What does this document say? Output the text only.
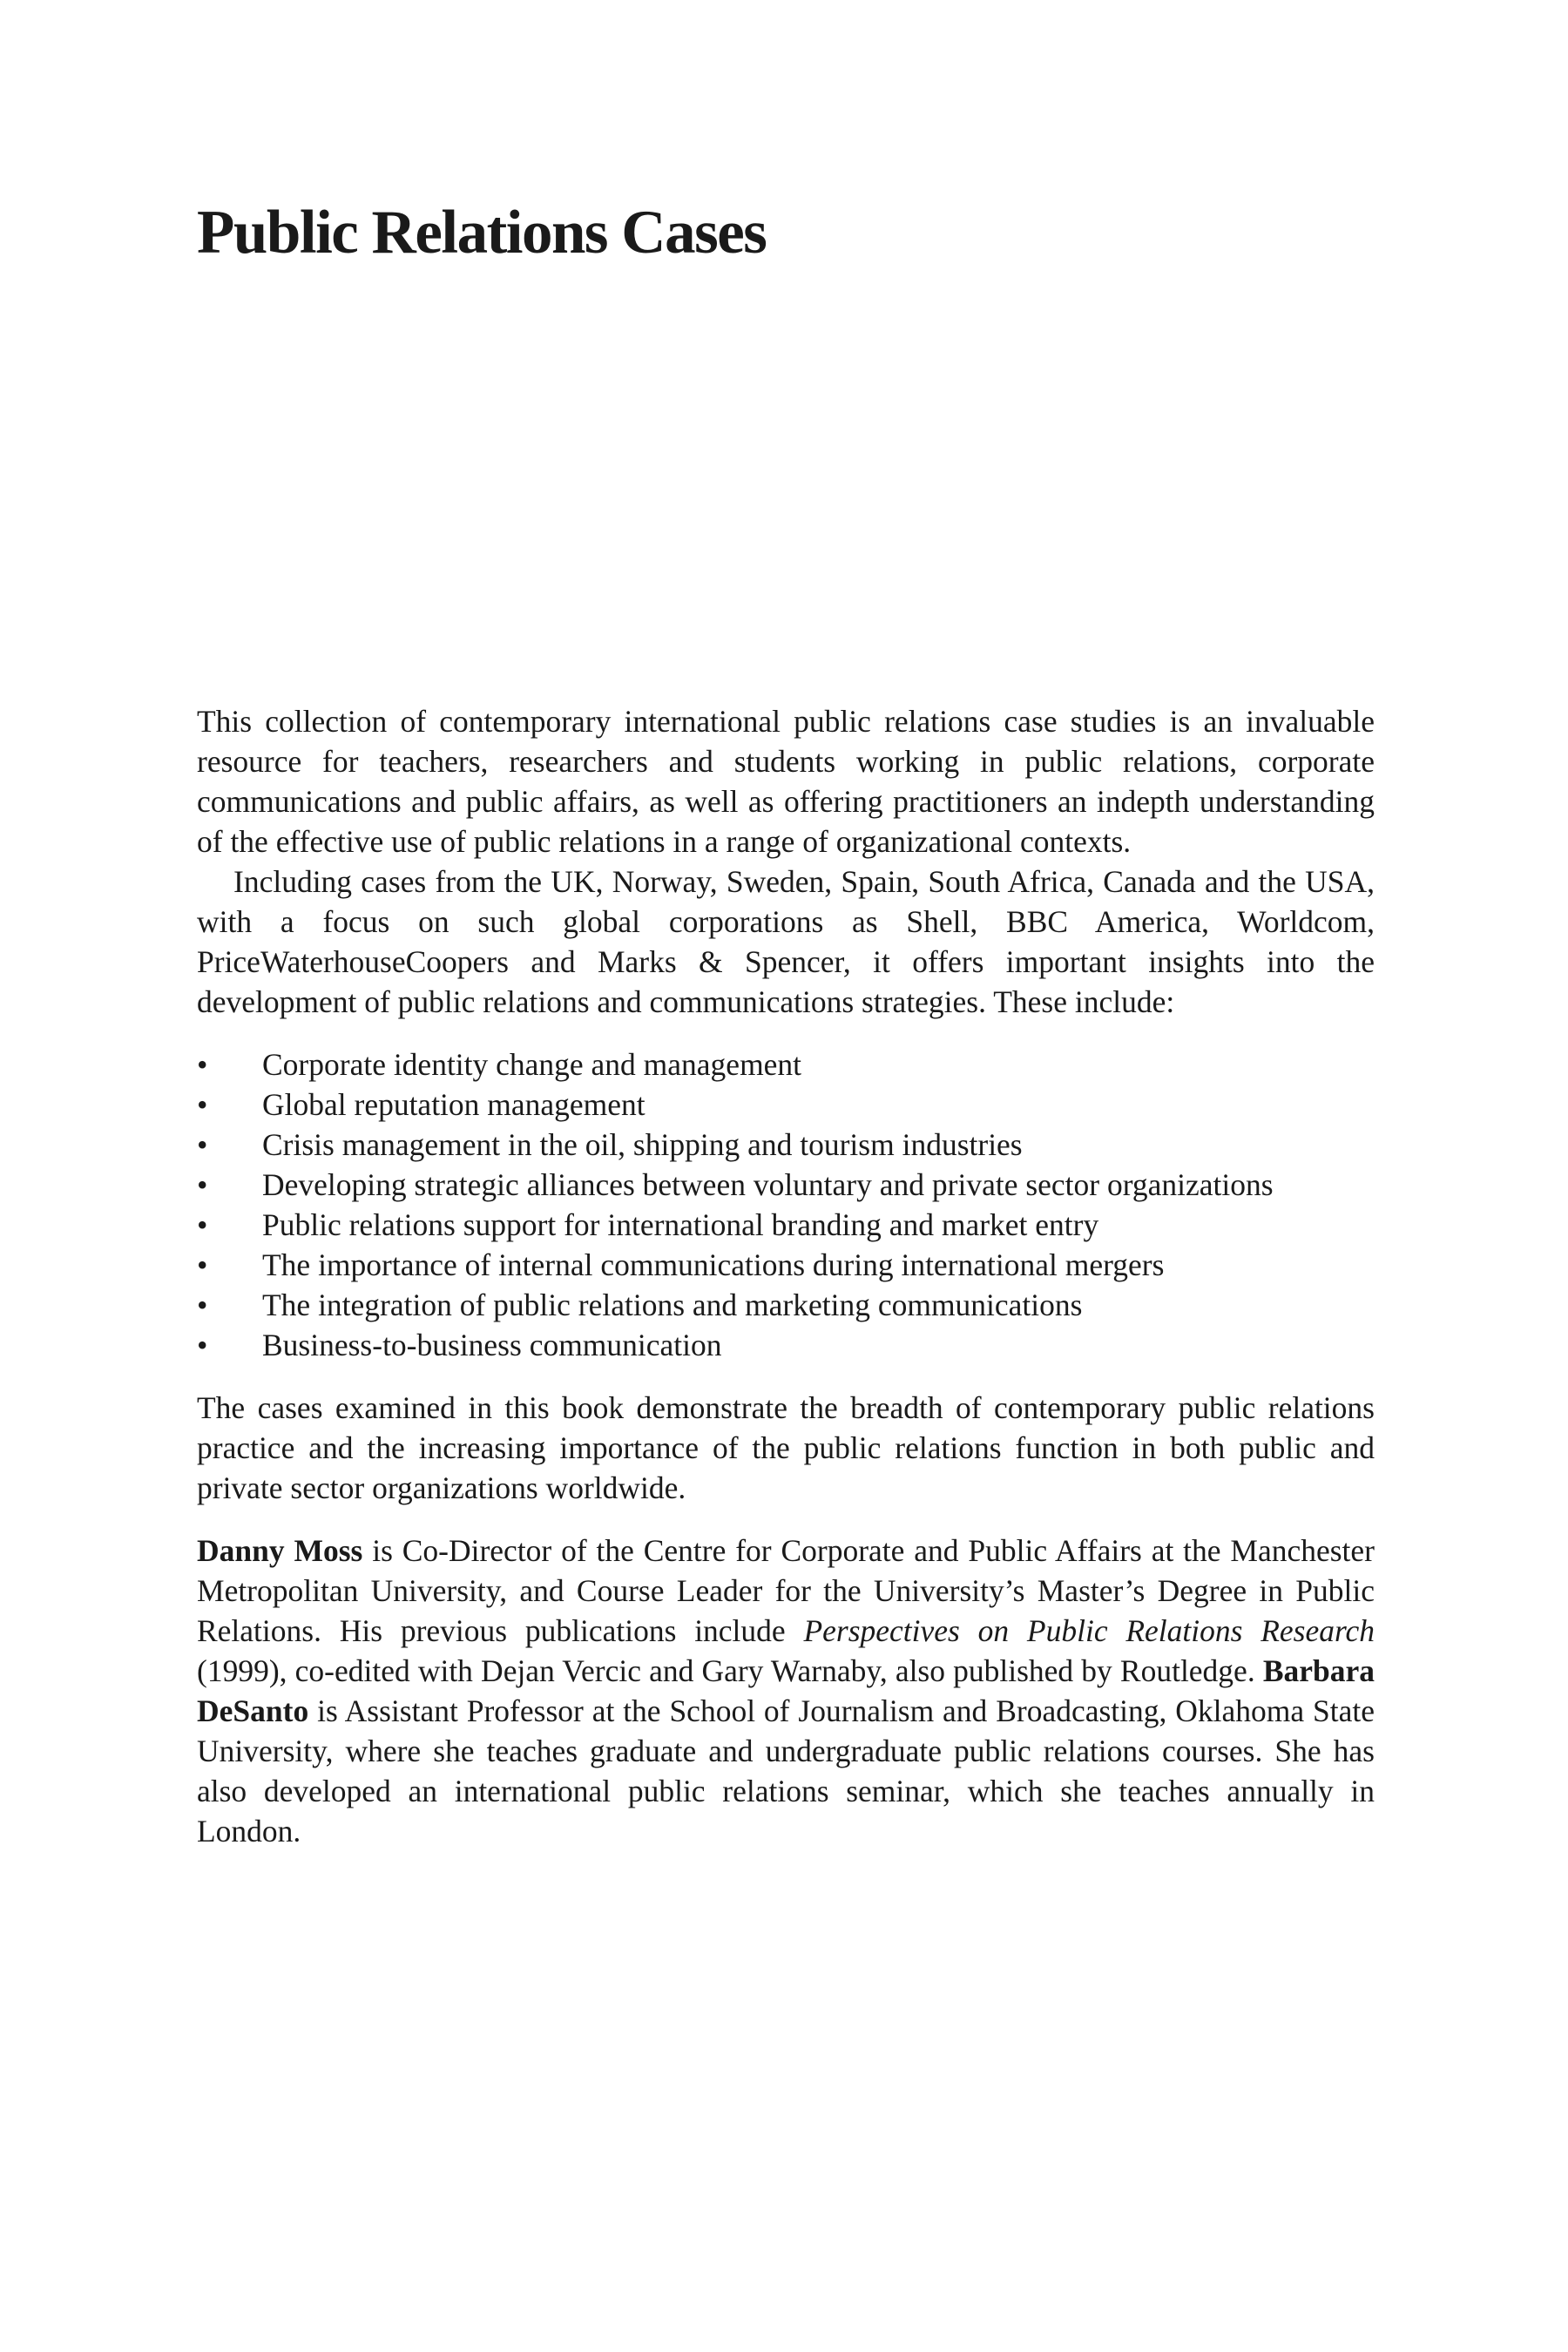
Public Relations Cases

This collection of contemporary international public relations case studies is an invaluable resource for teachers, researchers and students working in public relations, corporate communications and public affairs, as well as offering practitioners an indepth understanding of the effective use of public relations in a range of organizational contexts.

Including cases from the UK, Norway, Sweden, Spain, South Africa, Canada and the USA, with a focus on such global corporations as Shell, BBC America, Worldcom, PriceWaterhouseCoopers and Marks & Spencer, it offers important insights into the development of public relations and communications strategies. These include:

• Corporate identity change and management
• Global reputation management
• Crisis management in the oil, shipping and tourism industries
• Developing strategic alliances between voluntary and private sector organizations
• Public relations support for international branding and market entry
• The importance of internal communications during international mergers
• The integration of public relations and marketing communications
• Business-to-business communication

The cases examined in this book demonstrate the breadth of contemporary public relations practice and the increasing importance of the public relations function in both public and private sector organizations worldwide.

Danny Moss is Co-Director of the Centre for Corporate and Public Affairs at the Manchester Metropolitan University, and Course Leader for the University’s Master’s Degree in Public Relations. His previous publications include Perspectives on Public Relations Research (1999), co-edited with Dejan Vercic and Gary Warnaby, also published by Routledge. Barbara DeSanto is Assistant Professor at the School of Journalism and Broadcasting, Oklahoma State University, where she teaches graduate and undergraduate public relations courses. She has also developed an international public relations seminar, which she teaches annually in London.
